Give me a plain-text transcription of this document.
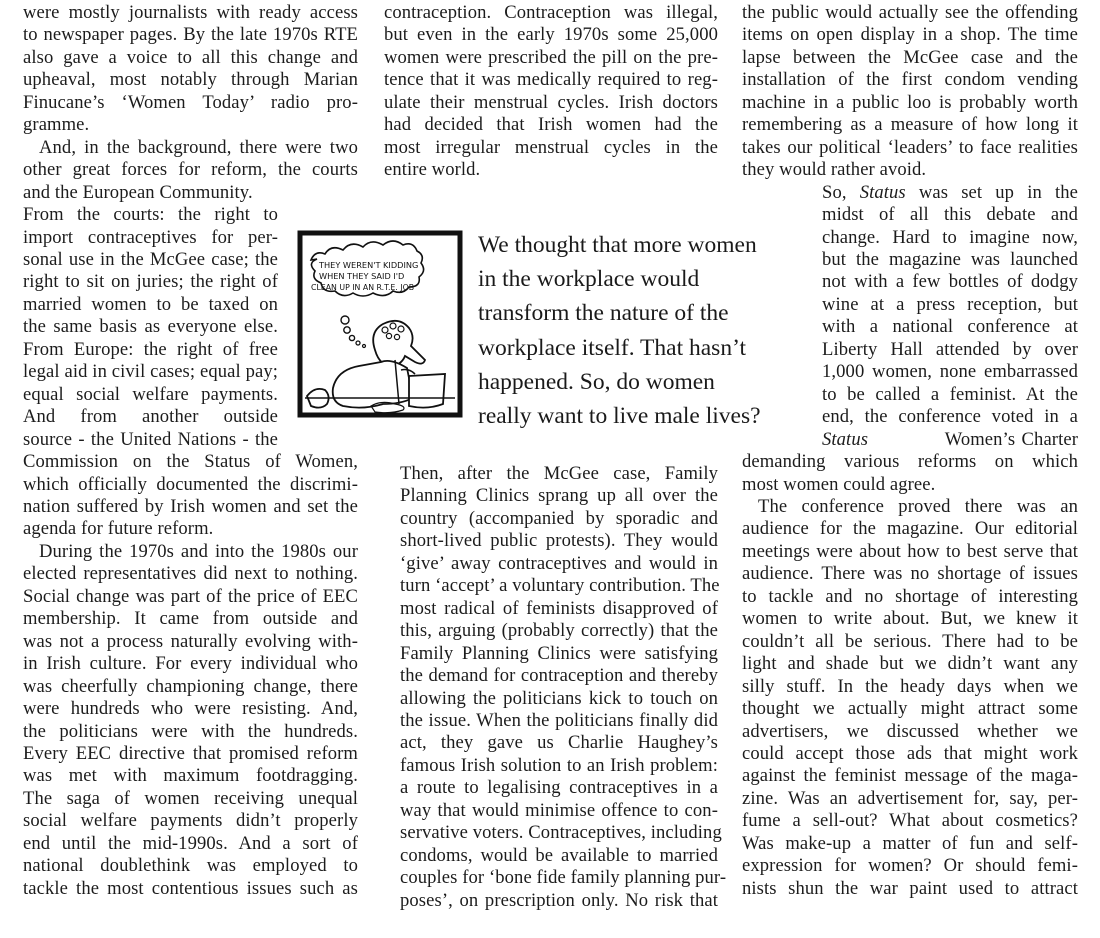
were mostly journalists with ready access
to newspaper pages. By the late 1970s RTE
also gave a voice to all this change and
upheaval, most notably through Marian
Finucane’s ‘Women Today’ radio pro-
gramme.

And, in the background, there were two
other great forces for reform, the courts
and the European Community.

From the courts: the right to
import contraceptives for per-
sonal use in the McGee case; the
right to sit on juries; the right of
married women to be taxed on
the same basis as everyone else.
From Europe: the right of free
legal aid in civil cases; equal pay;
equal social welfare payments.
And from another outside
source - the United Nations - the

Commission on the Status of Women,
which officially documented the discrimi-
nation suffered by Irish women and set the
agenda for future reform.

During the 1970s and into the 1980s our
elected representatives did next to nothing.
Social change was part of the price of EEC
membership. It came from outside and
was not a process naturally evolving with-
in Irish culture. For every individual who
was cheerfully championing change, there
were hundreds who were resisting. And,
the politicians were with the hundreds.
Every EEC directive that promised reform
was met with maximum footdragging.
The saga of women receiving unequal
social welfare payments didn’t properly
end until the mid-1990s. And a sort of
national doublethink was employed to
tackle the most contentious issues such as

THEY WEREN'T KIDDING
WHEN THEY SAID I'D
CLEAN UP IN AN R.T.E. JOB

contraception. Contraception was illegal,
but even in the early 1970s some 25,000
women were prescribed the pill on the pre-
tence that it was medically required to reg-
ulate their menstrual cycles. Irish doctors
had decided that Irish women had the
most irregular menstrual cycles in the
entire world.

We thought that more women
in the workplace would
transform the nature of the
workplace itself. That hasn’t
happened. So, do women
really want to live male lives?

Then, after the McGee case, Family
Planning Clinics sprang up all over the
country (accompanied by sporadic and
short-lived public protests). They would
‘give’ away contraceptives and would in
turn ‘accept’ a voluntary contribution. The
most radical of feminists disapproved of
this, arguing (probably correctly) that the
Family Planning Clinics were satisfying
the demand for contraception and thereby
allowing the politicians kick to touch on
the issue. When the politicians finally did
act, they gave us Charlie Haughey’s
famous Irish solution to an Irish problem:
a route to legalising contraceptives in a
way that would minimise offence to con-
servative voters. Contraceptives, including
condoms, would be available to married
couples for ‘bone fide family planning pur-
poses’, on prescription only. No risk that

the public would actually see the offending
items on open display in a shop. The time
lapse between the McGee case and the
installation of the first condom vending
machine in a public loo is probably worth
remembering as a measure of how long it
takes our political ‘leaders’ to face realities
they would rather avoid.

So, Status was set up in the
midst of all this debate and
change. Hard to imagine now,
but the magazine was launched
not with a few bottles of dodgy
wine at a press reception, but
with a national conference at
Liberty Hall attended by over
1,000 women, none embarrassed
to be called a feminist. At the
end, the conference voted in a
Status	Women’s Charter
demanding various reforms on which
most women could agree.

The conference proved there was an
audience for the magazine. Our editorial
meetings were about how to best serve that
audience. There was no shortage of issues
to tackle and no shortage of interesting
women to write about. But, we knew it
couldn’t all be serious. There had to be
light and shade but we didn’t want any
silly stuff. In the heady days when we
thought we actually might attract some
advertisers, we discussed whether we
could accept those ads that might work
against the feminist message of the maga-
zine. Was an advertisement for, say, per-
fume a sell-out? What about cosmetics?
Was make-up a matter of fun and self-
expression for women? Or should femi-
nists shun the war paint used to attract
